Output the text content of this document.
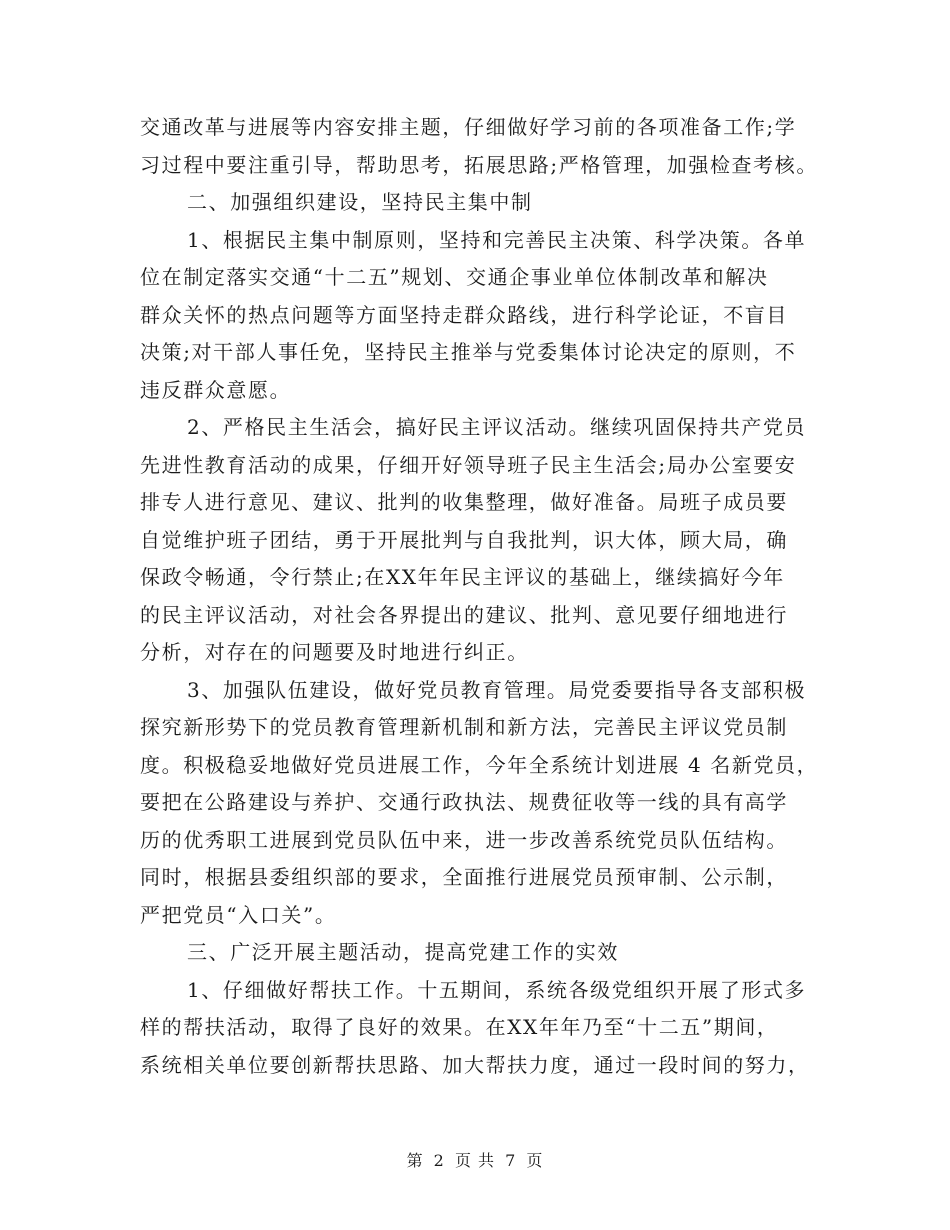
交通改革与进展等内容安排主题，仔细做好学习前的各项准备工作;学
习过程中要注重引导，帮助思考，拓展思路;严格管理，加强检查考核。
二、加强组织建设，坚持民主集中制
1、根据民主集中制原则，坚持和完善民主决策、科学决策。各单
位在制定落实交通“十二五”规划、交通企事业单位体制改革和解决
群众关怀的热点问题等方面坚持走群众路线，进行科学论证，不盲目
决策;对干部人事任免，坚持民主推举与党委集体讨论决定的原则，不
违反群众意愿。
2、严格民主生活会，搞好民主评议活动。继续巩固保持共产党员
先进性教育活动的成果，仔细开好领导班子民主生活会;局办公室要安
排专人进行意见、建议、批判的收集整理，做好准备。局班子成员要
自觉维护班子团结，勇于开展批判与自我批判，识大体，顾大局，确
保政令畅通，令行禁止;在XX年年民主评议的基础上，继续搞好今年
的民主评议活动，对社会各界提出的建议、批判、意见要仔细地进行
分析，对存在的问题要及时地进行纠正。
3、加强队伍建设，做好党员教育管理。局党委要指导各支部积极
探究新形势下的党员教育管理新机制和新方法，完善民主评议党员制
度。积极稳妥地做好党员进展工作，今年全系统计划进展 4 名新党员，
要把在公路建设与养护、交通行政执法、规费征收等一线的具有高学
历的优秀职工进展到党员队伍中来，进一步改善系统党员队伍结构。
同时，根据县委组织部的要求，全面推行进展党员预审制、公示制，
严把党员“入口关”。
三、广泛开展主题活动，提高党建工作的实效
1、仔细做好帮扶工作。十五期间，系统各级党组织开展了形式多
样的帮扶活动，取得了良好的效果。在XX年年乃至“十二五”期间，
系统相关单位要创新帮扶思路、加大帮扶力度，通过一段时间的努力，
第 2 页 共 7 页
